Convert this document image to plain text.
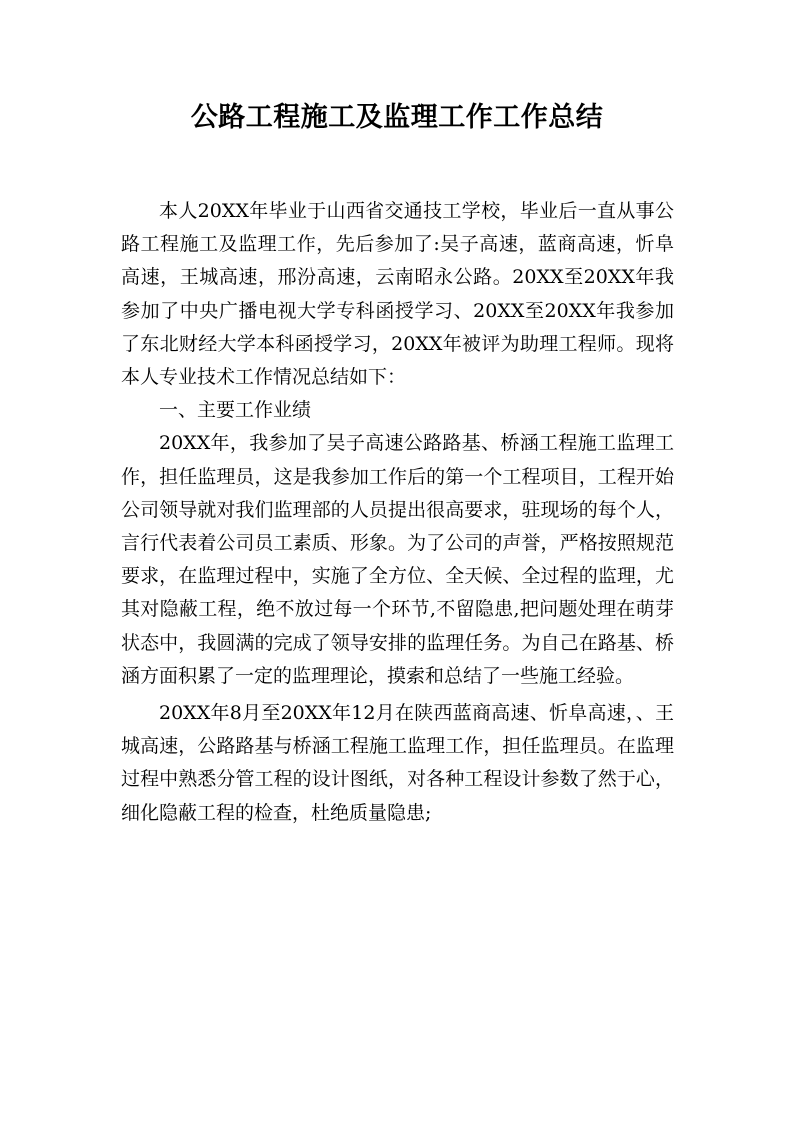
公路工程施工及监理工作工作总结

本人20XX年毕业于山西省交通技工学校，毕业后一直从事公路工程施工及监理工作，先后参加了:吴子高速，蓝商高速，忻阜高速，王城高速，邢汾高速，云南昭永公路。20XX至20XX年我参加了中央广播电视大学专科函授学习、20XX至20XX年我参加了东北财经大学本科函授学习，20XX年被评为助理工程师。现将本人专业技术工作情况总结如下：

一、主要工作业绩

20XX年，我参加了吴子高速公路路基、桥涵工程施工监理工作，担任监理员，这是我参加工作后的第一个工程项目，工程开始公司领导就对我们监理部的人员提出很高要求，驻现场的每个人，言行代表着公司员工素质、形象。为了公司的声誉，严格按照规范要求，在监理过程中，实施了全方位、全天候、全过程的监理，尤其对隐蔽工程，绝不放过每一个环节,不留隐患,把问题处理在萌芽状态中，我圆满的完成了领导安排的监理任务。为自己在路基、桥涵方面积累了一定的监理理论，摸索和总结了一些施工经验。

20XX年8月至20XX年12月在陕西蓝商高速、忻阜高速，、王城高速，公路路基与桥涵工程施工监理工作，担任监理员。在监理过程中熟悉分管工程的设计图纸，对各种工程设计参数了然于心，细化隐蔽工程的检查，杜绝质量隐患;
